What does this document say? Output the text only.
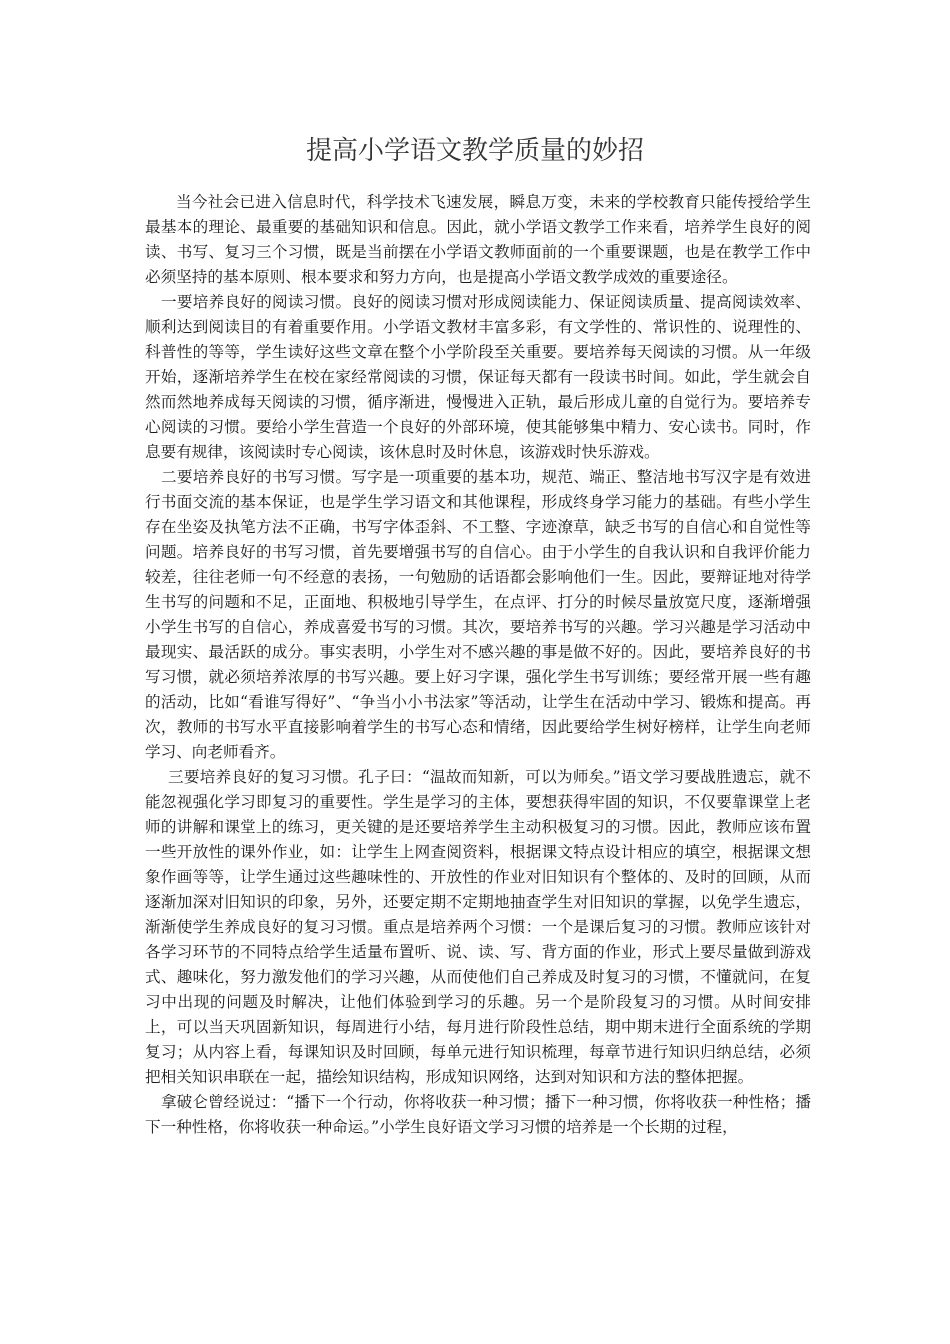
提高小学语文教学质量的妙招

当今社会已进入信息时代，科学技术飞速发展，瞬息万变，未来的学校教育只能传授给学生最基本的理论、最重要的基础知识和信息。因此，就小学语文教学工作来看，培养学生良好的阅读、书写、复习三个习惯，既是当前摆在小学语文教师面前的一个重要课题，也是在教学工作中必须坚持的基本原则、根本要求和努力方向，也是提高小学语文教学成效的重要途径。

一要培养良好的阅读习惯。良好的阅读习惯对形成阅读能力、保证阅读质量、提高阅读效率、顺利达到阅读目的有着重要作用。小学语文教材丰富多彩，有文学性的、常识性的、说理性的、科普性的等等，学生读好这些文章在整个小学阶段至关重要。要培养每天阅读的习惯。从一年级开始，逐渐培养学生在校在家经常阅读的习惯，保证每天都有一段读书时间。如此，学生就会自然而然地养成每天阅读的习惯，循序渐进，慢慢进入正轨，最后形成儿童的自觉行为。要培养专心阅读的习惯。要给小学生营造一个良好的外部环境，使其能够集中精力、安心读书。同时，作息要有规律，该阅读时专心阅读，该休息时及时休息，该游戏时快乐游戏。

二要培养良好的书写习惯。写字是一项重要的基本功，规范、端正、整洁地书写汉字是有效进行书面交流的基本保证，也是学生学习语文和其他课程，形成终身学习能力的基础。有些小学生存在坐姿及执笔方法不正确，书写字体歪斜、不工整、字迹潦草，缺乏书写的自信心和自觉性等问题。培养良好的书写习惯，首先要增强书写的自信心。由于小学生的自我认识和自我评价能力较差，往往老师一句不经意的表扬，一句勉励的话语都会影响他们一生。因此，要辩证地对待学生书写的问题和不足，正面地、积极地引导学生，在点评、打分的时候尽量放宽尺度，逐渐增强小学生书写的自信心，养成喜爱书写的习惯。其次，要培养书写的兴趣。学习兴趣是学习活动中最现实、最活跃的成分。事实表明，小学生对不感兴趣的事是做不好的。因此，要培养良好的书写习惯，就必须培养浓厚的书写兴趣。要上好习字课，强化学生书写训练；要经常开展一些有趣的活动，比如“看谁写得好”、“争当小小书法家”等活动，让学生在活动中学习、锻炼和提高。再次，教师的书写水平直接影响着学生的书写心态和情绪，因此要给学生树好榜样，让学生向老师学习、向老师看齐。

三要培养良好的复习习惯。孔子曰：“温故而知新，可以为师矣。”语文学习要战胜遗忘，就不能忽视强化学习即复习的重要性。学生是学习的主体，要想获得牢固的知识，不仅要靠课堂上老师的讲解和课堂上的练习，更关键的是还要培养学生主动积极复习的习惯。因此，教师应该布置一些开放性的课外作业，如：让学生上网查阅资料，根据课文特点设计相应的填空，根据课文想象作画等等，让学生通过这些趣味性的、开放性的作业对旧知识有个整体的、及时的回顾，从而逐渐加深对旧知识的印象，另外，还要定期不定期地抽查学生对旧知识的掌握，以免学生遗忘，渐渐使学生养成良好的复习习惯。重点是培养两个习惯：一个是课后复习的习惯。教师应该针对各学习环节的不同特点给学生适量布置听、说、读、写、背方面的作业，形式上要尽量做到游戏式、趣味化，努力激发他们的学习兴趣，从而使他们自己养成及时复习的习惯，不懂就问，在复习中出现的问题及时解决，让他们体验到学习的乐趣。另一个是阶段复习的习惯。从时间安排上，可以当天巩固新知识，每周进行小结，每月进行阶段性总结，期中期末进行全面系统的学期复习；从内容上看，每课知识及时回顾，每单元进行知识梳理，每章节进行知识归纳总结，必须把相关知识串联在一起，描绘知识结构，形成知识网络，达到对知识和方法的整体把握。

拿破仑曾经说过：“播下一个行动，你将收获一种习惯；播下一种习惯，你将收获一种性格；播下一种性格，你将收获一种命运。”小学生良好语文学习习惯的培养是一个长期的过程，
